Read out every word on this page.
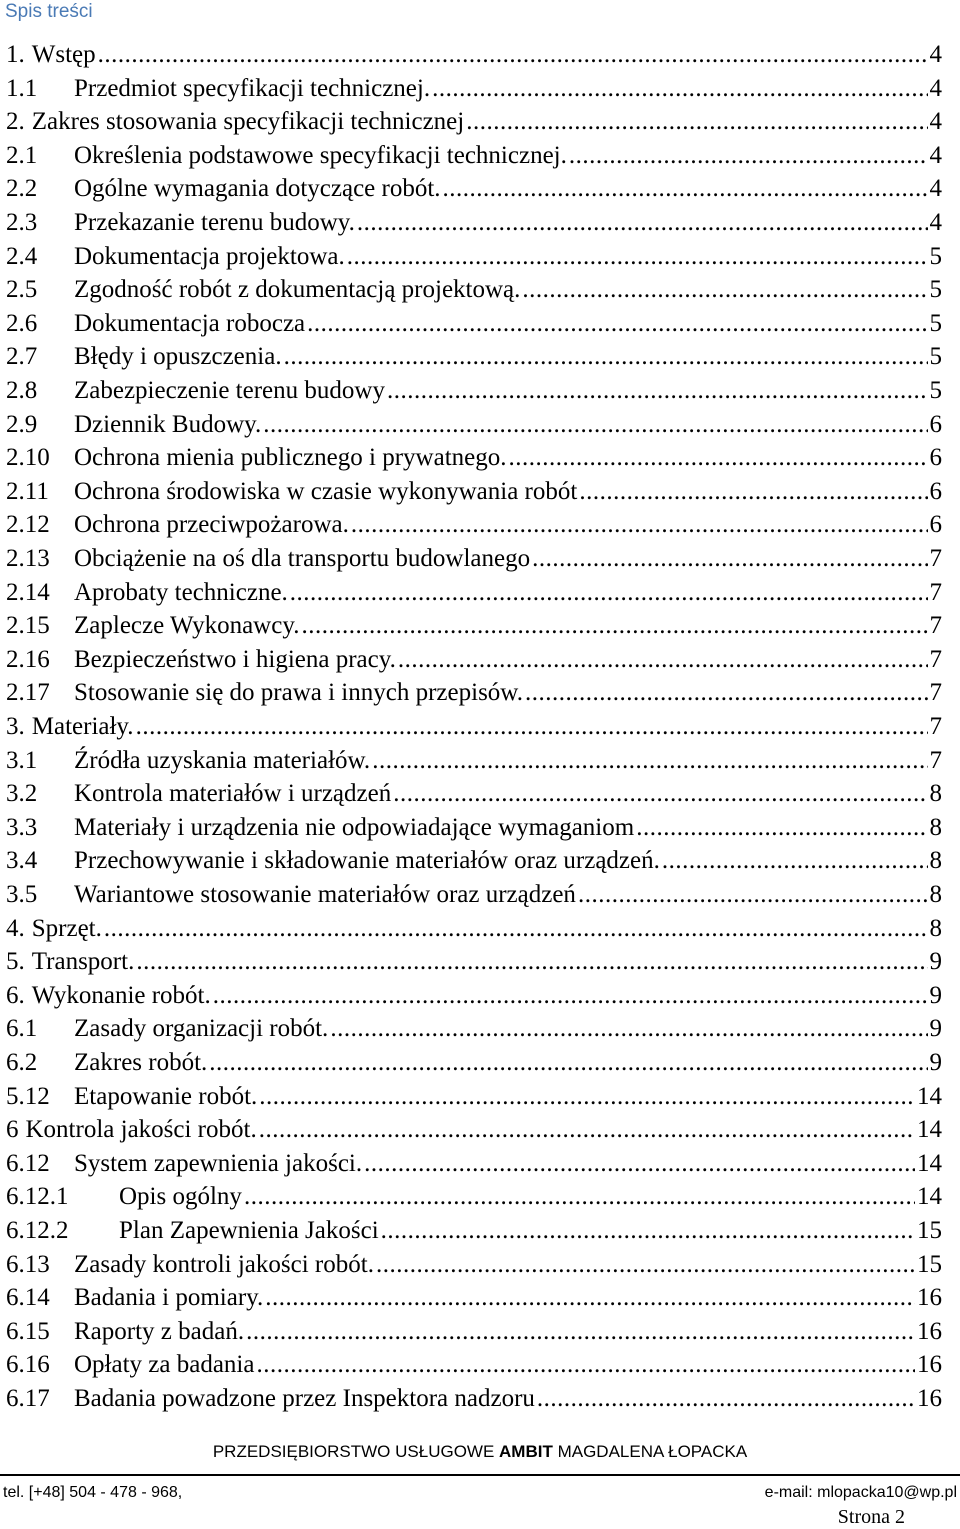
Spis treści
1. Wstęp .....	4
1.1	Przedmiot specyfikacji technicznej. .....	4
2. Zakres stosowania specyfikacji technicznej .....	4
2.1	Określenia podstawowe specyfikacji technicznej. .....	4
2.2	Ogólne wymagania dotyczące robót. .....	4
2.3	Przekazanie terenu budowy. .....	4
2.4	Dokumentacja projektowa. .....	5
2.5	Zgodność robót z dokumentacją projektową. .....	5
2.6	Dokumentacja robocza .....	5
2.7	Błędy i opuszczenia. .....	5
2.8	Zabezpieczenie terenu budowy .....	5
2.9	Dziennik Budowy. .....	6
2.10 Ochrona mienia publicznego i prywatnego. .....	6
2.11	Ochrona środowiska w czasie wykonywania robót .....	6
2.12 Ochrona przeciwpożarowa. .....	6
2.13 Obciążenie na oś dla transportu budowlanego .....	7
2.14 Aprobaty techniczne. .....	7
2.15 Zaplecze Wykonawcy. .....	7
2.16 Bezpieczeństwo i higiena pracy. .....	7
2.17 Stosowanie się do prawa i innych przepisów. .....	7
3. Materiały. .....	7
3.1	Źródła uzyskania materiałów. .....	7
3.2	Kontrola materiałów i urządzeń .....	8
3.3	Materiały i urządzenia nie odpowiadające wymaganiom .....	8
3.4	Przechowywanie i składowanie materiałów oraz urządzeń. .....	8
3.5	Wariantowe stosowanie materiałów oraz urządzeń .....	8
4. Sprzęt. .....	8
5. Transport. .....	9
6. Wykonanie robót. .....	9
6.1	Zasady organizacji robót. .....	9
6.2	Zakres robót. .....	9
5.12 Etapowanie robót. .....	14
6 Kontrola jakości robót. .....	14
6.12 System zapewnienia jakości. .....	14
6.12.1	Opis ogólny .....	14
6.12.2	Plan Zapewnienia Jakości .....	15
6.13 Zasady kontroli jakości robót. .....	15
6.14 Badania i pomiary. .....	16
6.15 Raporty z badań. .....	16
6.16 Opłaty za badania .....	16
6.17 Badania powadzone przez Inspektora nadzoru .....	16
PRZEDSIĘBIORSTWO USŁUGOWE AMBIT MAGDALENA ŁOPACKA
tel. [+48] 504 - 478 - 968,	e-mail: mlopacka10@wp.pl
Strona 2
